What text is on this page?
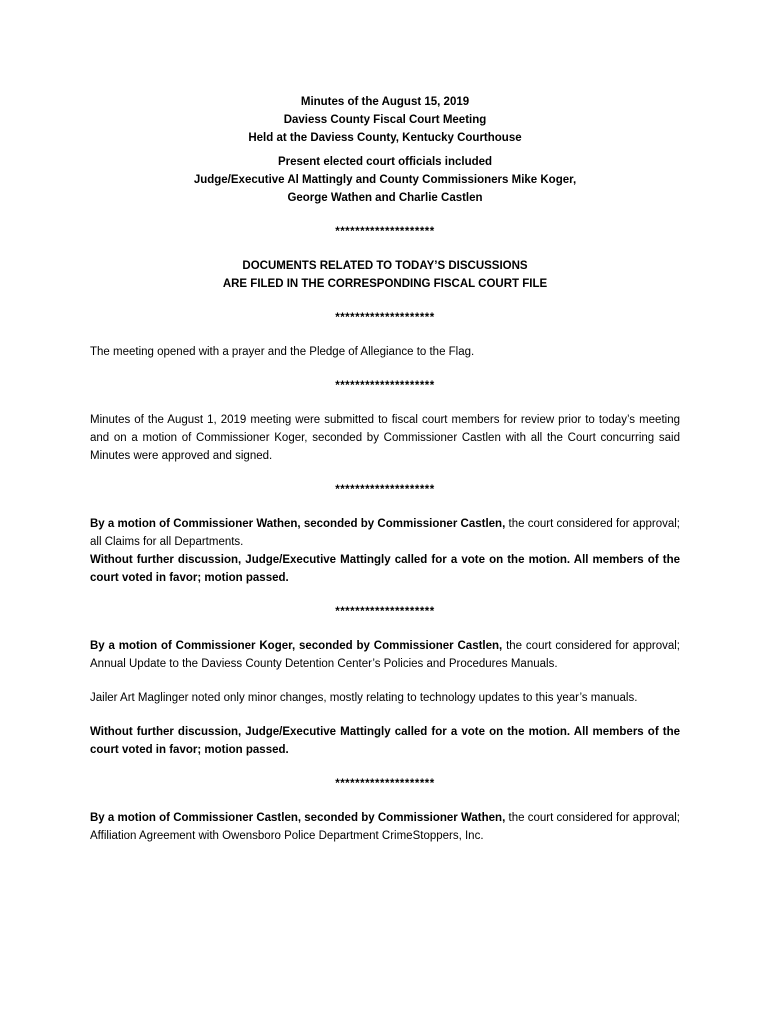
Minutes of the August 15, 2019
Daviess County Fiscal Court Meeting
Held at the Daviess County, Kentucky Courthouse
Present elected court officials included
Judge/Executive Al Mattingly and County Commissioners Mike Koger,
George Wathen and Charlie Castlen
********************
DOCUMENTS RELATED TO TODAY’S DISCUSSIONS
ARE FILED IN THE CORRESPONDING FISCAL COURT FILE
********************
The meeting opened with a prayer and the Pledge of Allegiance to the Flag.
********************
Minutes of the August 1, 2019 meeting were submitted to fiscal court members for review prior to today’s meeting and on a motion of Commissioner Koger, seconded by Commissioner Castlen with all the Court concurring said Minutes were approved and signed.
********************
By a motion of Commissioner Wathen, seconded by Commissioner Castlen, the court considered for approval; all Claims for all Departments.
Without further discussion, Judge/Executive Mattingly called for a vote on the motion. All members of the court voted in favor; motion passed.
********************
By a motion of Commissioner Koger, seconded by Commissioner Castlen, the court considered for approval; Annual Update to the Daviess County Detention Center’s Policies and Procedures Manuals.
Jailer Art Maglinger noted only minor changes, mostly relating to technology updates to this year’s manuals.
Without further discussion, Judge/Executive Mattingly called for a vote on the motion. All members of the court voted in favor; motion passed.
********************
By a motion of Commissioner Castlen, seconded by Commissioner Wathen, the court considered for approval; Affiliation Agreement with Owensboro Police Department CrimeStoppers, Inc.
